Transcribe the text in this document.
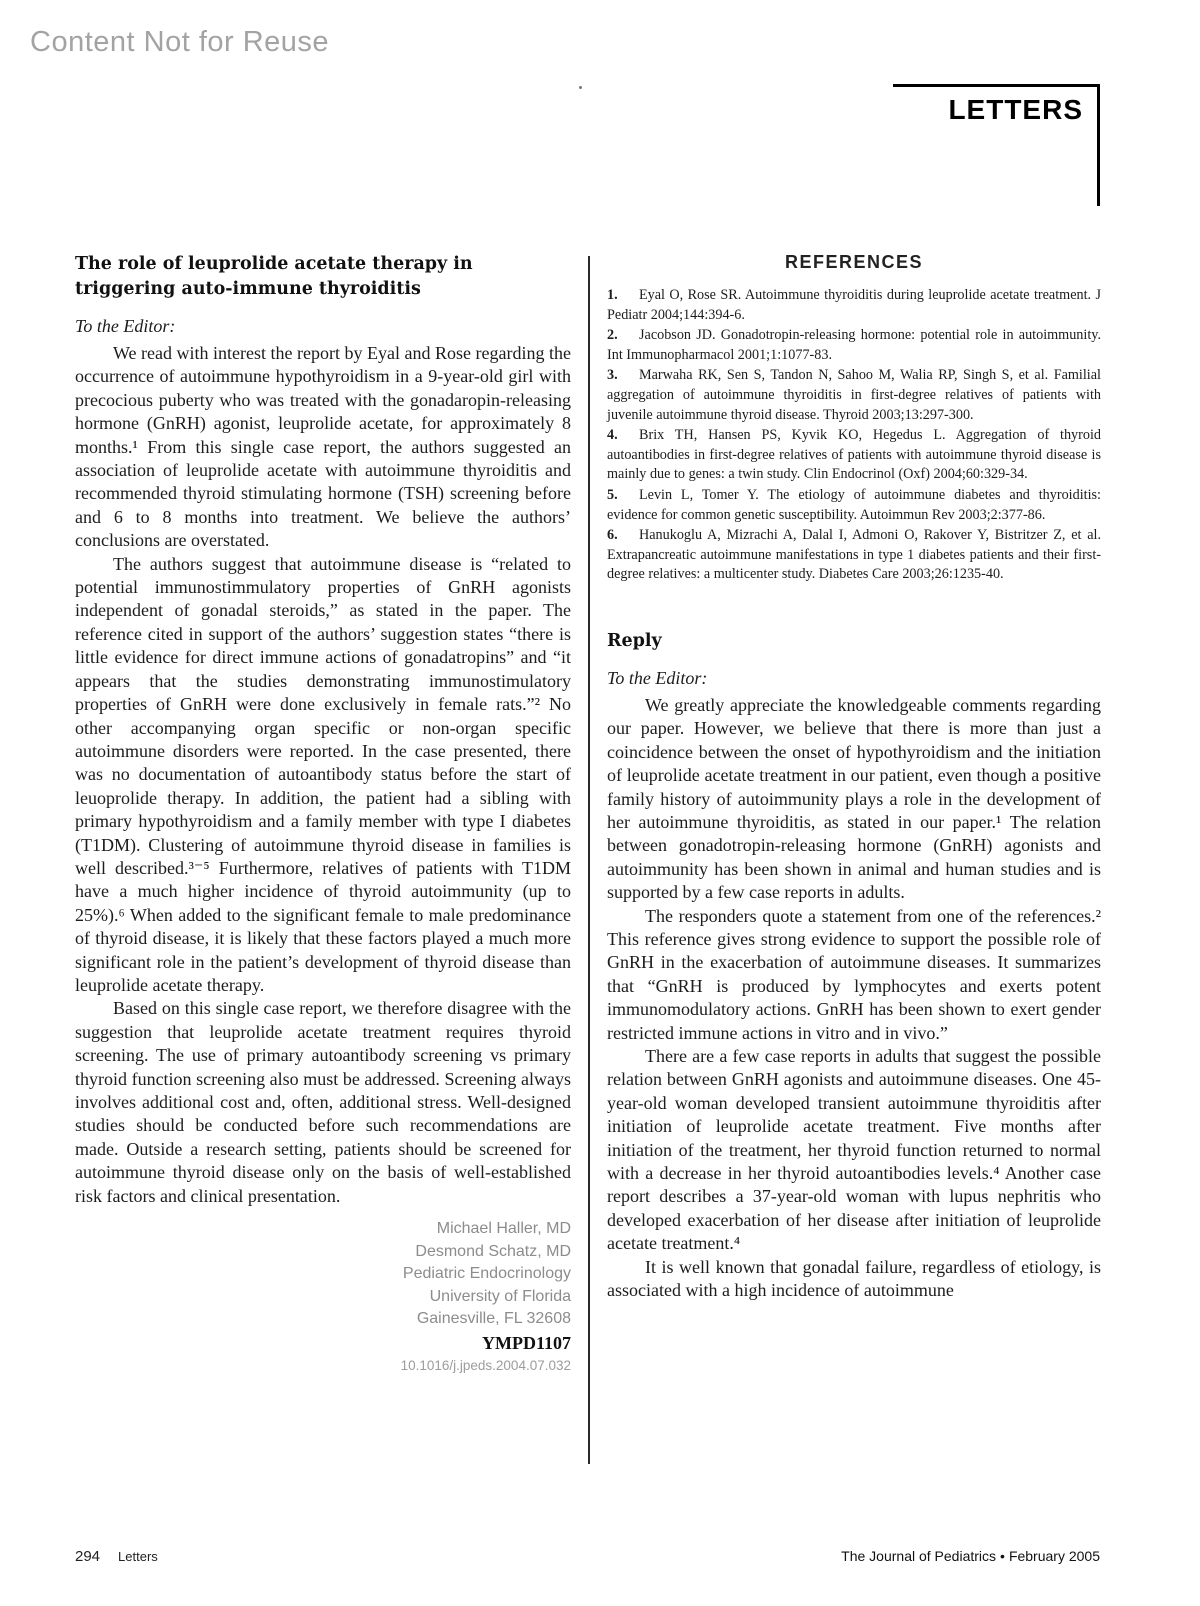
Content Not for Reuse
LETTERS
The role of leuprolide acetate therapy in triggering auto-immune thyroiditis

To the Editor:

We read with interest the report by Eyal and Rose regarding the occurrence of autoimmune hypothyroidism in a 9-year-old girl with precocious puberty who was treated with the gonadaropin-releasing hormone (GnRH) agonist, leuprolide acetate, for approximately 8 months.¹ From this single case report, the authors suggested an association of leuprolide acetate with autoimmune thyroiditis and recommended thyroid stimulating hormone (TSH) screening before and 6 to 8 months into treatment. We believe the authors’ conclusions are overstated.

The authors suggest that autoimmune disease is “related to potential immunostimmulatory properties of GnRH agonists independent of gonadal steroids,” as stated in the paper. The reference cited in support of the authors’ suggestion states “there is little evidence for direct immune actions of gonadatropins” and “it appears that the studies demonstrating immunostimulatory properties of GnRH were done exclusively in female rats.”² No other accompanying organ specific or non-organ specific autoimmune disorders were reported. In the case presented, there was no documentation of autoantibody status before the start of leuoprolide therapy. In addition, the patient had a sibling with primary hypothyroidism and a family member with type I diabetes (T1DM). Clustering of autoimmune thyroid disease in families is well described.³⁻⁵ Furthermore, relatives of patients with T1DM have a much higher incidence of thyroid autoimmunity (up to 25%).⁶ When added to the significant female to male predominance of thyroid disease, it is likely that these factors played a much more significant role in the patient’s development of thyroid disease than leuprolide acetate therapy.

Based on this single case report, we therefore disagree with the suggestion that leuprolide acetate treatment requires thyroid screening. The use of primary autoantibody screening vs primary thyroid function screening also must be addressed. Screening always involves additional cost and, often, additional stress. Well-designed studies should be conducted before such recommendations are made. Outside a research setting, patients should be screened for autoimmune thyroid disease only on the basis of well-established risk factors and clinical presentation.

Michael Haller, MD
Desmond Schatz, MD
Pediatric Endocrinology
University of Florida
Gainesville, FL 32608
YMPD1107
10.1016/j.jpeds.2004.07.032
REFERENCES

1. Eyal O, Rose SR. Autoimmune thyroiditis during leuprolide acetate treatment. J Pediatr 2004;144:394-6.

2. Jacobson JD. Gonadotropin-releasing hormone: potential role in autoimmunity. Int Immunopharmacol 2001;1:1077-83.

3. Marwaha RK, Sen S, Tandon N, Sahoo M, Walia RP, Singh S, et al. Familial aggregation of autoimmune thyroiditis in first-degree relatives of patients with juvenile autoimmune thyroid disease. Thyroid 2003;13:297-300.

4. Brix TH, Hansen PS, Kyvik KO, Hegedus L. Aggregation of thyroid autoantibodies in first-degree relatives of patients with autoimmune thyroid disease is mainly due to genes: a twin study. Clin Endocrinol (Oxf) 2004;60:329-34.

5. Levin L, Tomer Y. The etiology of autoimmune diabetes and thyroiditis: evidence for common genetic susceptibility. Autoimmun Rev 2003;2:377-86.

6. Hanukoglu A, Mizrachi A, Dalal I, Admoni O, Rakover Y, Bistritzer Z, et al. Extrapancreatic autoimmune manifestations in type 1 diabetes patients and their first-degree relatives: a multicenter study. Diabetes Care 2003;26:1235-40.

Reply

To the Editor:

We greatly appreciate the knowledgeable comments regarding our paper. However, we believe that there is more than just a coincidence between the onset of hypothyroidism and the initiation of leuprolide acetate treatment in our patient, even though a positive family history of autoimmunity plays a role in the development of her autoimmune thyroiditis, as stated in our paper.¹ The relation between gonadotropin-releasing hormone (GnRH) agonists and autoimmunity has been shown in animal and human studies and is supported by a few case reports in adults.

The responders quote a statement from one of the references.² This reference gives strong evidence to support the possible role of GnRH in the exacerbation of autoimmune diseases. It summarizes that “GnRH is produced by lymphocytes and exerts potent immunomodulatory actions. GnRH has been shown to exert gender restricted immune actions in vitro and in vivo.”

There are a few case reports in adults that suggest the possible relation between GnRH agonists and autoimmune diseases. One 45-year-old woman developed transient autoimmune thyroiditis after initiation of leuprolide acetate treatment. Five months after initiation of the treatment, her thyroid function returned to normal with a decrease in her thyroid autoantibodies levels.⁴ Another case report describes a 37-year-old woman with lupus nephritis who developed exacerbation of her disease after initiation of leuprolide acetate treatment.⁴

It is well known that gonadal failure, regardless of etiology, is associated with a high incidence of autoimmune

294 Letters	The Journal of Pediatrics • February 2005
